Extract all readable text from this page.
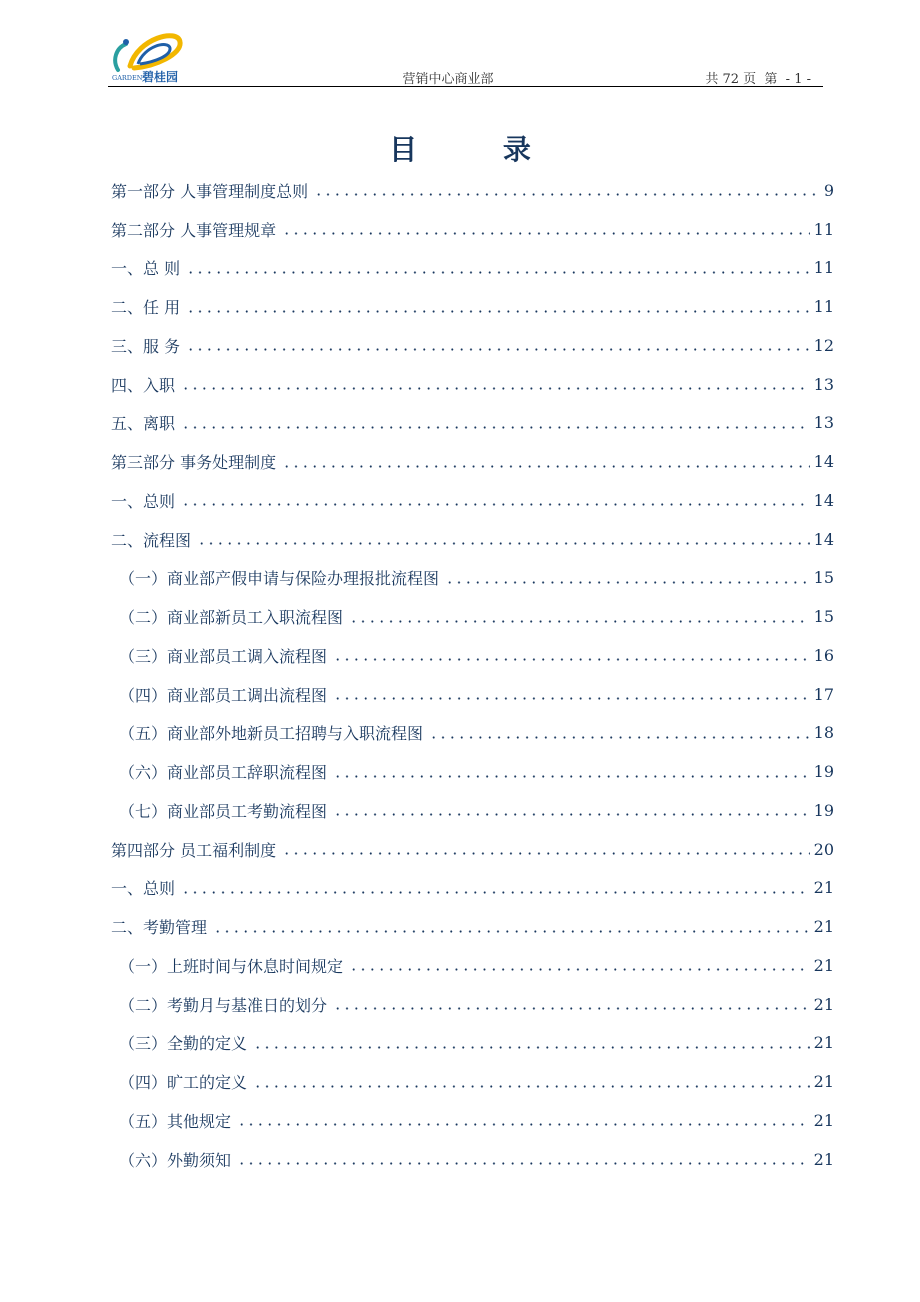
GARDEN 碧桂园	营销中心商业部	共 72 页  第  - 1 -
目 录
第一部分 人事管理制度总则	9
第二部分 人事管理规章	11
一、总 则	11
二、任 用	11
三、服 务	12
四、入职	13
五、离职	13
第三部分 事务处理制度	14
一、总则	14
二、流程图	14
（一）商业部产假申请与保险办理报批流程图	15
（二）商业部新员工入职流程图	15
（三）商业部员工调入流程图	16
（四）商业部员工调出流程图	17
（五）商业部外地新员工招聘与入职流程图	18
（六）商业部员工辞职流程图	19
（七）商业部员工考勤流程图	19
第四部分 员工福利制度	20
一、总则	21
二、考勤管理	21
（一）上班时间与休息时间规定	21
（二）考勤月与基准日的划分	21
（三）全勤的定义	21
（四）旷工的定义	21
（五）其他规定	21
（六）外勤须知	21
